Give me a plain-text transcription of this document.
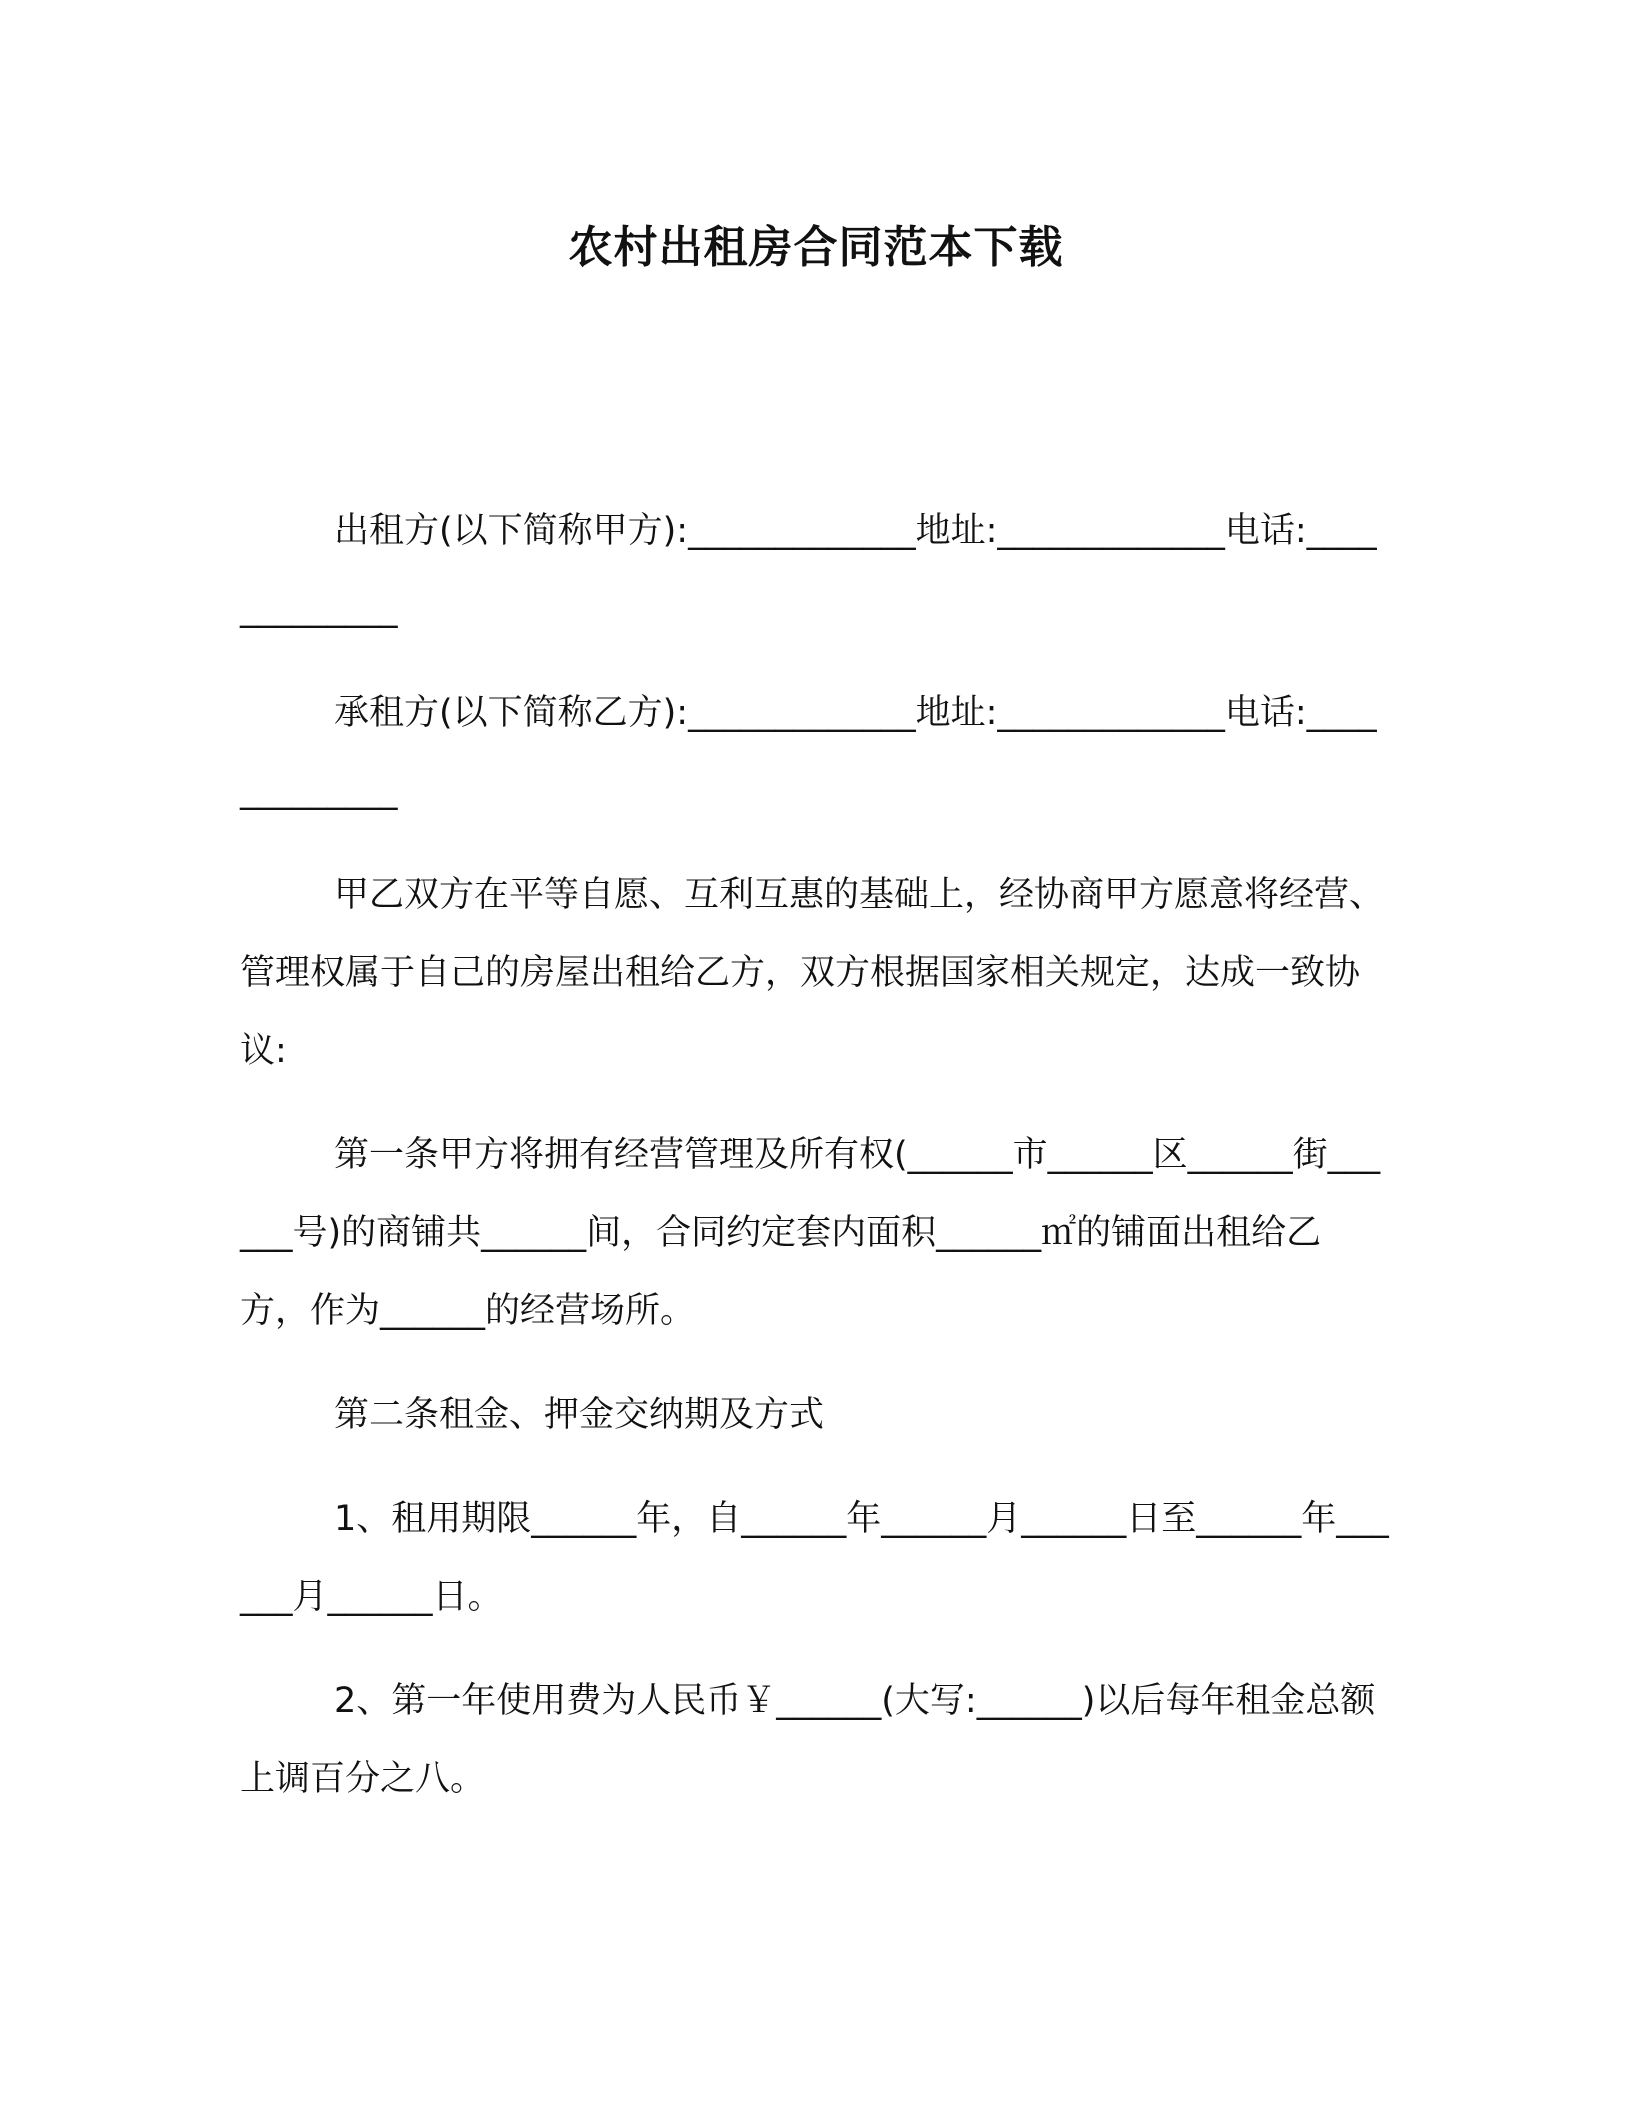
农村出租房合同范本下载

出租方(以下简称甲方):_____________地址:_____________电话:_____________

承租方(以下简称乙方):_____________地址:_____________电话:_____________

甲乙双方在平等自愿、互利互惠的基础上，经协商甲方愿意将经营、管理权属于自己的房屋出租给乙方，双方根据国家相关规定，达成一致协议:

第一条甲方将拥有经营管理及所有权(______市______区______街______号)的商铺共______间，合同约定套内面积______㎡的铺面出租给乙方，作为______的经营场所。

第二条租金、押金交纳期及方式

1、租用期限______年，自______年______月______日至______年______月______日。

2、第一年使用费为人民币￥______(大写:______)以后每年租金总额上调百分之八。
